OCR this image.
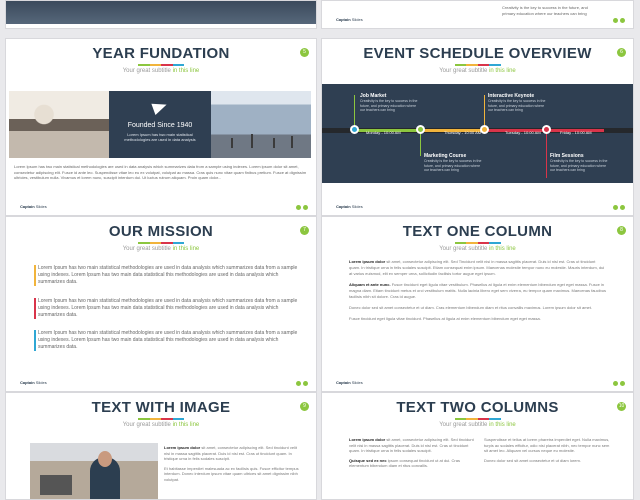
Creativity is the key to success in the future, and primary education where our teachers can bring
Captain Slides
YEAR FUNDATION
Your great subtitle in this line
5
Founded Since 1940
Lorem Ipsum has two main statistical methodologies are used in data analysis
Lorem Ipsum has two main statistical methodologies are used in data analysis which summarizes data from a sample using indexes. Lorem ipsum dolor sit amet, consectetur adipiscing elit. Fusce id ante leo. Suspendisse vitae leo eu ex volutpat, volutpat ac massa. Cras quis nunc vitae quam finibus pretium. Fusce at dignissim ultricies, vestibulum nulla. Vivamus et lorem nunc, suscipit interdum dui. Ut luctus rutrum aliquam. Proin quam dolor...
Captain Slides
EVENT SCHEDULE OVERVIEW
Your great subtitle in this line
6
Monday - 10:00 AM	Thursday - 10:00 AM	Tuesday - 10:00 AM	Friday - 10:00 AM
Job Market
Creativity is the key to success in the future, and primary education where our teachers can bring
Interactive Keynote
Creativity is the key to success in the future, and primary education where our teachers can bring
Marketing Course
Creativity is the key to success in the future, and primary education where our teachers can bring
Film Sessions
Creativity is the key to success in the future, and primary education where our teachers can bring
Captain Slides
OUR MISSION
Your great subtitle in this line
7
Lorem Ipsum has two main statistical methodologies are used in data analysis which summarizes data from a sample using indexes. Lorem Ipsum has two main data statistical this methodologies are used in data analysis which summarizes data.
Lorem Ipsum has two main statistical methodologies are used in data analysis which summarizes data from a sample using indexes. Lorem Ipsum has two main data statistical this methodologies are used in data analysis which summarizes data.
Lorem Ipsum has two main statistical methodologies are used in data analysis which summarizes data from a sample using indexes. Lorem Ipsum has two main data statistical this methodologies are used in data analysis which summarizes data.
Captain Slides
TEXT ONE COLUMN
Your great subtitle in this line
8

Lorem ipsum dolor sit amet, consectetur adipiscing elit. Sed Tincidunt velit nisi in massa sagittis placerat. Duis id nisl est. Cras ut tincidunt quam. In tristique urna in felis sodales suscipit. Etiam consequat enim ipsum. Maecenas molestie tempor nunc eu molestie. Mauris interdum, dui at varius euismod, elit ex semper urna, sollicitudin facilisis tortor augue eget ipsum.

Aliquam et ante nunc. Fusce tincidunt eget ligula vitae vestibulum. Phasellus at ligula et enim elementum bibendum eget eget massa. Fusce in magna diam. Etiam tincidunt metus et orci vestibulum mattis. Nulla lacinia libero eget sem viverra, eu tempor quam maximus. Maecenas faucibus facilisis nibh sit dolore. Cras id augue.

Donec dolor sed sit amet consectetur et ut diam. Cras elementum bibendum diam et ritus convallis maximus. Lorem ipsum dolor sit amet.

Fusce tincidunt eget ligula vitae tincidunt. Phasellus at ligula at enim elementum bibendum eget eget massa.

Captain Slides
TEXT WITH IMAGE
Your great subtitle in this line
9

Lorem ipsum dolor sit amet, consectetur adipiscing elit. Sed tincidunt velit nisi in massa sagittis placerat. Duis id nisl est. Cras ut tincidunt quam. In tristique urna in felis sodales suscipit.

Et habitasse imperdiet malesuada ac ex facilisis quis. Fusce efficitur tempus interdum. Donec interdum ipsum vitae quam ultrices sit amet dignissim nibh volutpat.

TEXT TWO COLUMNS
Your great subtitle in this line
10

Lorem ipsum dolor sit amet, consectetur adipiscing elit. Sed tincidunt velit nisi in massa sagittis placerat. Duis id nisl est. Cras ut tincidunt quam. In tristique urna in felis sodales suscipit.

Quisque sed ex nec ipsum consequat tincidunt ut at dui. Cras elementum bibendum diam et ritus convallis.

Suspendisse et tellus at lorem pharetra imperdiet eget. Nulla maximus, turpis ac sodales efficitur, odio nisi placerat nibh, nec tempor nunc sem sit amet leo. Aliquam vel cursus neque eu molestie.

Donec dolor sed sit amet consectetur et ut diam lorem.
